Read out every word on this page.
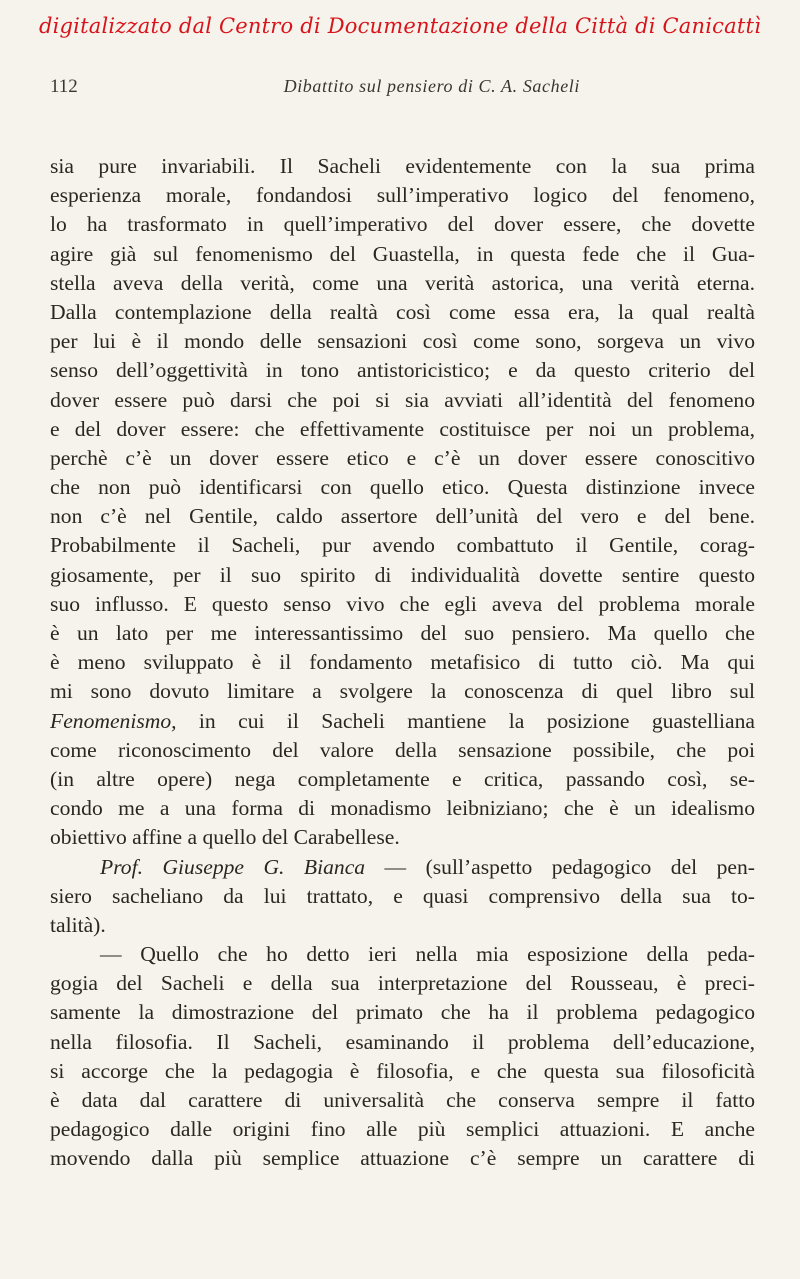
digitalizzato dal Centro di Documentazione della Città di Canicattì
112	Dibattito sul pensiero di C. A. Sacheli
sia pure invariabili. Il Sacheli evidentemente con la sua prima
esperienza morale, fondandosi sull’imperativo logico del fenomeno,
lo ha trasformato in quell’imperativo del dover essere, che dovette
agire già sul fenomenismo del Guastella, in questa fede che il Gua-
stella aveva della verità, come una verità astorica, una verità eterna.
Dalla contemplazione della realtà così come essa era, la qual realtà
per lui è il mondo delle sensazioni così come sono, sorgeva un vivo
senso dell’oggettività in tono antistoricistico; e da questo criterio del
dover essere può darsi che poi si sia avviati all’identità del fenomeno
e del dover essere: che effettivamente costituisce per noi un problema,
perchè c’è un dover essere etico e c’è un dover essere conoscitivo
che non può identificarsi con quello etico. Questa distinzione invece
non c’è nel Gentile, caldo assertore dell’unità del vero e del bene.
Probabilmente il Sacheli, pur avendo combattuto il Gentile, corag-
giosamente, per il suo spirito di individualità dovette sentire questo
suo influsso. E questo senso vivo che egli aveva del problema morale
è un lato per me interessantissimo del suo pensiero. Ma quello che
è meno sviluppato è il fondamento metafisico di tutto ciò. Ma qui
mi sono dovuto limitare a svolgere la conoscenza di quel libro sul
Fenomenismo, in cui il Sacheli mantiene la posizione guastelliana
come riconoscimento del valore della sensazione possibile, che poi
(in altre opere) nega completamente e critica, passando così, se-
condo me a una forma di monadismo leibniziano; che è un idealismo
obiettivo affine a quello del Carabellese.
Prof. Giuseppe G. Bianca — (sull’aspetto pedagogico del pen-
siero sacheliano da lui trattato, e quasi comprensivo della sua to-
talità).
— Quello che ho detto ieri nella mia esposizione della peda-
gogia del Sacheli e della sua interpretazione del Rousseau, è preci-
samente la dimostrazione del primato che ha il problema pedagogico
nella filosofia. Il Sacheli, esaminando il problema dell’educazione,
si accorge che la pedagogia è filosofia, e che questa sua filosoficità
è data dal carattere di universalità che conserva sempre il fatto
pedagogico dalle origini fino alle più semplici attuazioni. E anche
movendo dalla più semplice attuazione c’è sempre un carattere di
